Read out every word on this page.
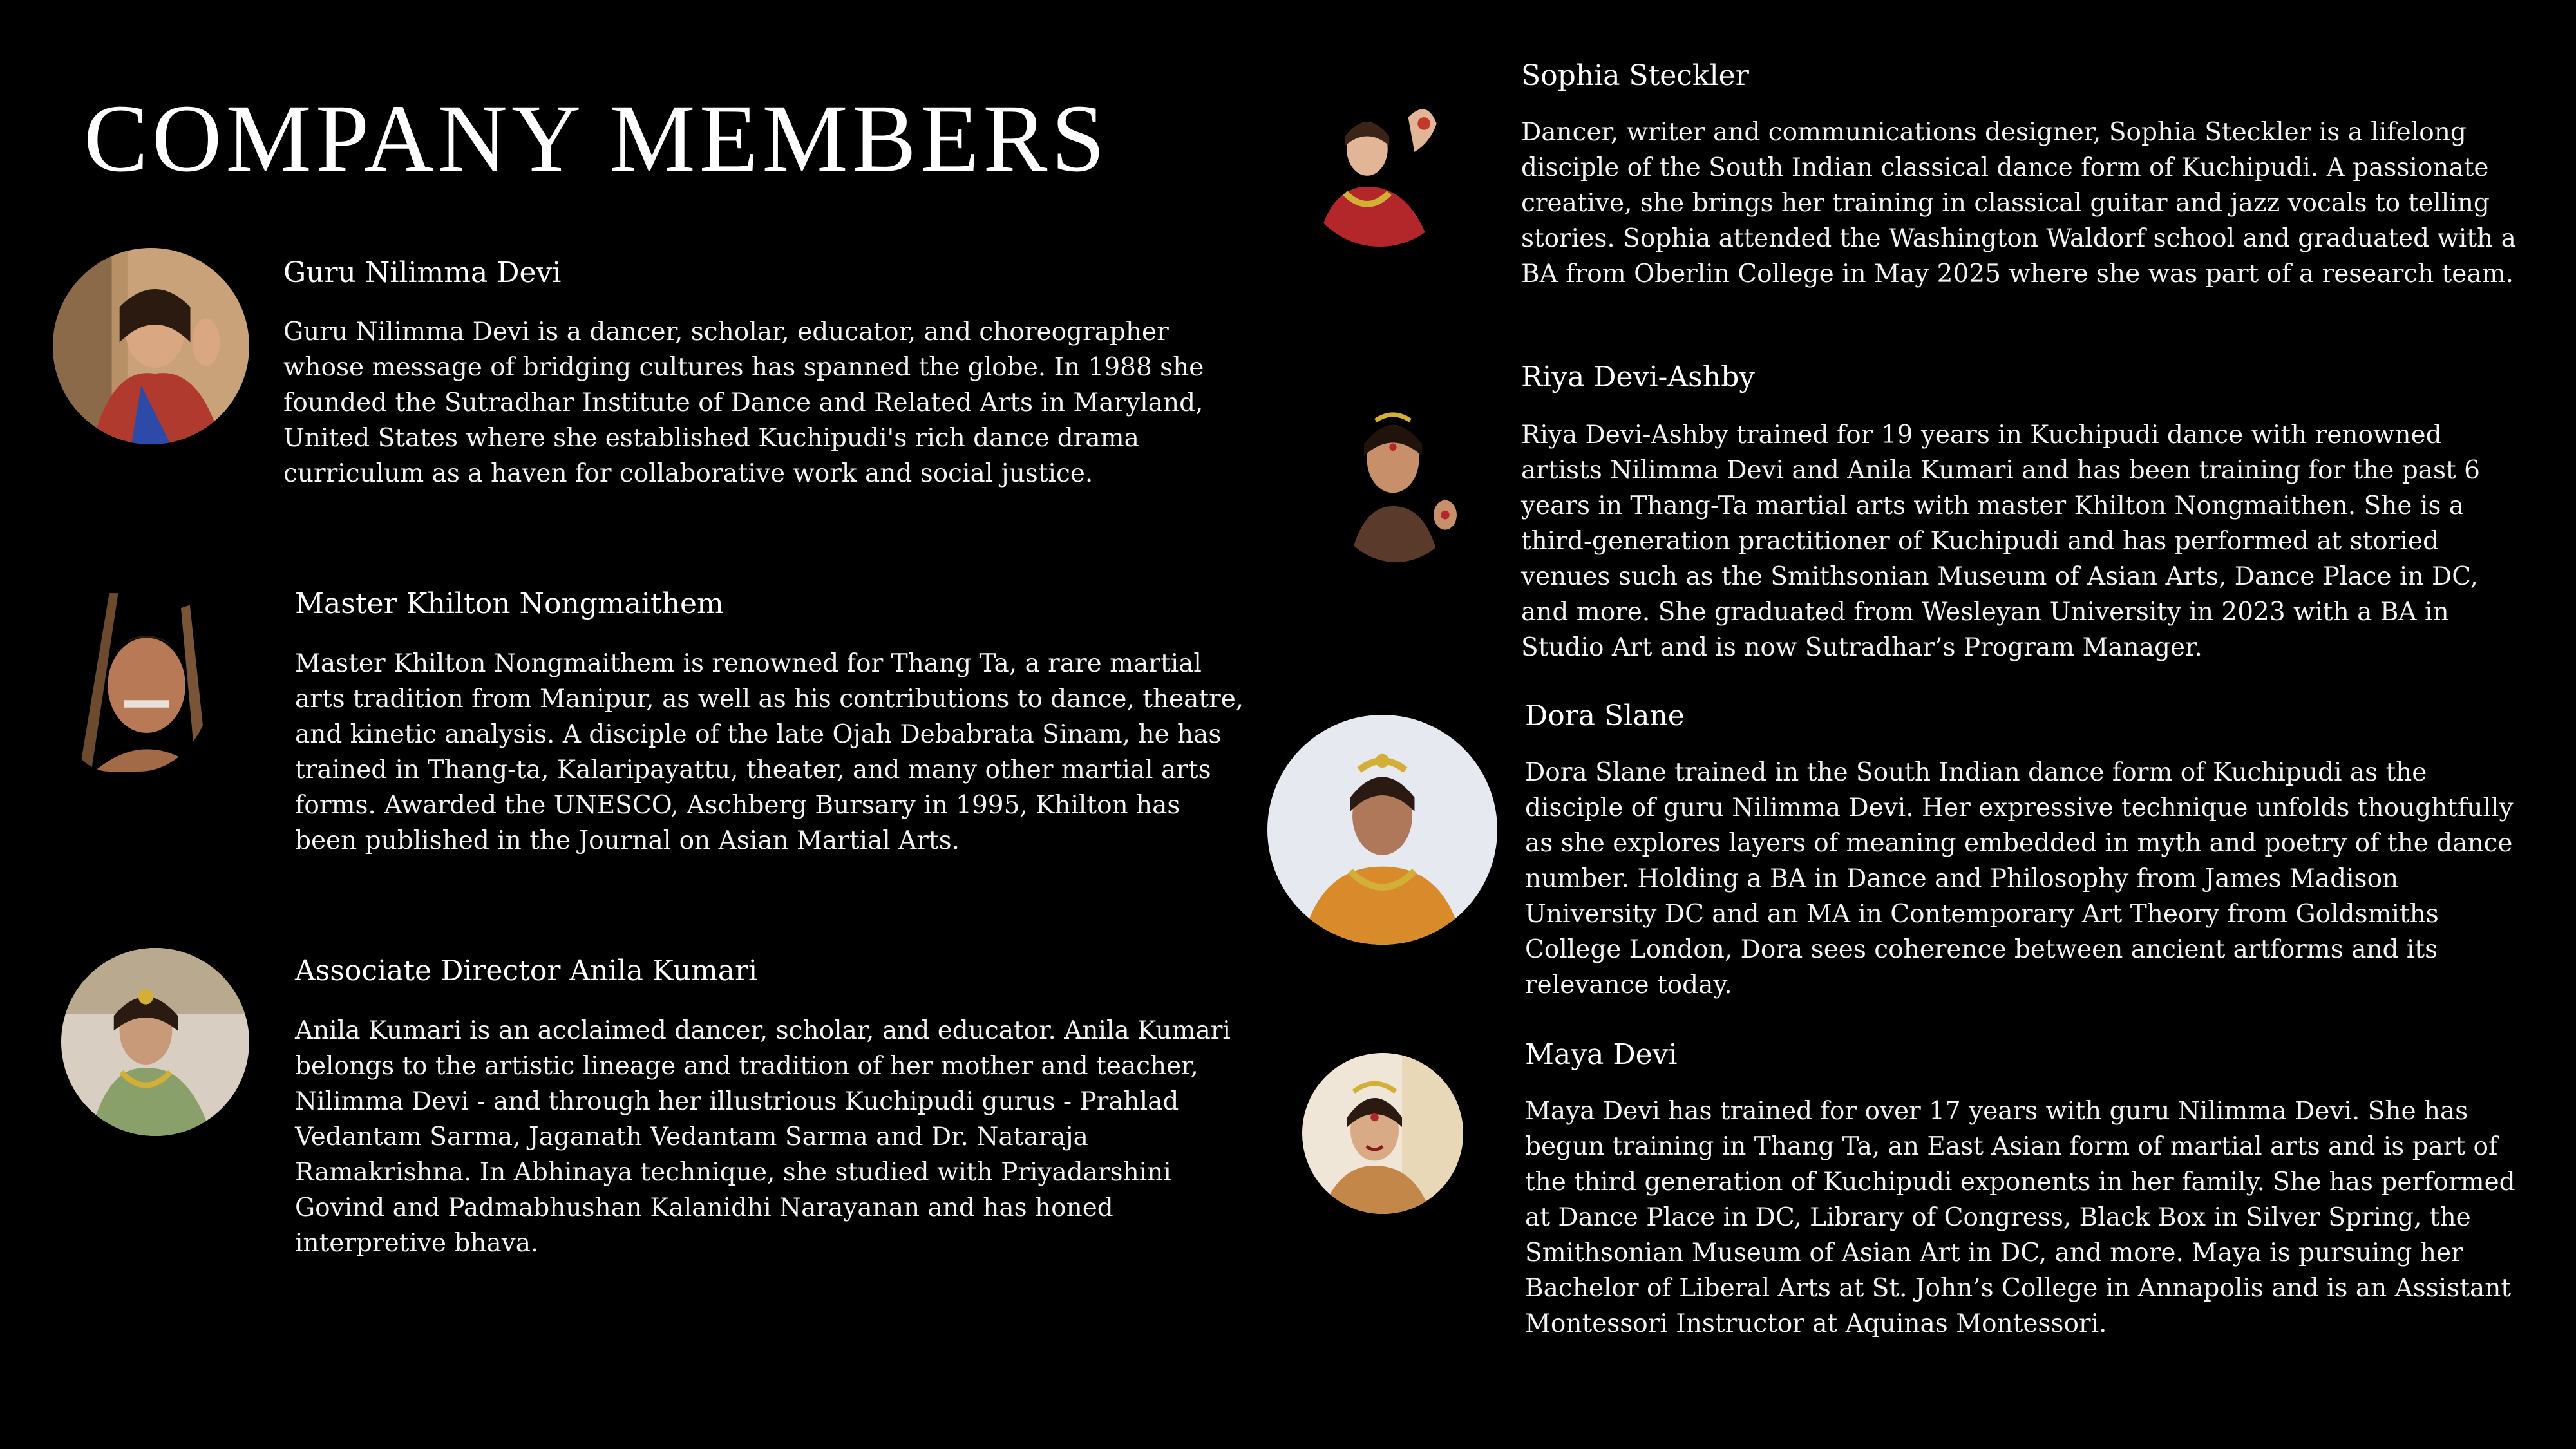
COMPANY MEMBERS
Guru Nilimma Devi
Guru Nilimma Devi is a dancer, scholar, educator, and choreographer whose message of bridging cultures has spanned the globe. In 1988 she founded the Sutradhar Institute of Dance and Related Arts in Maryland, United States where she established Kuchipudi's rich dance drama curriculum as a haven for collaborative work and social justice.
Master Khilton Nongmaithem
Master Khilton Nongmaithem is renowned for Thang Ta, a rare martial arts tradition from Manipur, as well as his contributions to dance, theatre, and kinetic analysis. A disciple of the late Ojah Debabrata Sinam, he has trained in Thang-ta, Kalaripayattu, theater, and many other martial arts forms. Awarded the UNESCO, Aschberg Bursary in 1995, Khilton has been published in the Journal on Asian Martial Arts.
Associate Director Anila Kumari
Anila Kumari is an acclaimed dancer, scholar, and educator. Anila Kumari belongs to the artistic lineage and tradition of her mother and teacher, Nilimma Devi - and through her illustrious Kuchipudi gurus - Prahlad Vedantam Sarma, Jaganath Vedantam Sarma and Dr. Nataraja Ramakrishna. In Abhinaya technique, she studied with Priyadarshini Govind and Padmabhushan Kalanidhi Narayanan and has honed interpretive bhava.
Sophia Steckler
Dancer, writer and communications designer, Sophia Steckler is a lifelong disciple of the South Indian classical dance form of Kuchipudi. A passionate creative, she brings her training in classical guitar and jazz vocals to telling stories. Sophia attended the Washington Waldorf school and graduated with a BA from Oberlin College in May 2025 where she was part of a research team.
Riya Devi-Ashby
Riya Devi-Ashby trained for 19 years in Kuchipudi dance with renowned artists Nilimma Devi and Anila Kumari and has been training for the past 6 years in Thang-Ta martial arts with master Khilton Nongmaithen. She is a third-generation practitioner of Kuchipudi and has performed at storied venues such as the Smithsonian Museum of Asian Arts, Dance Place in DC, and more. She graduated from Wesleyan University in 2023 with a BA in Studio Art and is now Sutradhar’s Program Manager.
Dora Slane
Dora Slane trained in the South Indian dance form of Kuchipudi as the disciple of guru Nilimma Devi. Her expressive technique unfolds thoughtfully as she explores layers of meaning embedded in myth and poetry of the dance number. Holding a BA in Dance and Philosophy from James Madison University DC and an MA in Contemporary Art Theory from Goldsmiths College London, Dora sees coherence between ancient artforms and its relevance today.
Maya Devi
Maya Devi has trained for over 17 years with guru Nilimma Devi. She has begun training in Thang Ta, an East Asian form of martial arts and is part of the third generation of Kuchipudi exponents in her family. She has performed at Dance Place in DC, Library of Congress, Black Box in Silver Spring, the Smithsonian Museum of Asian Art in DC, and more. Maya is pursuing her Bachelor of Liberal Arts at St. John’s College in Annapolis and is an Assistant Montessori Instructor at Aquinas Montessori.
